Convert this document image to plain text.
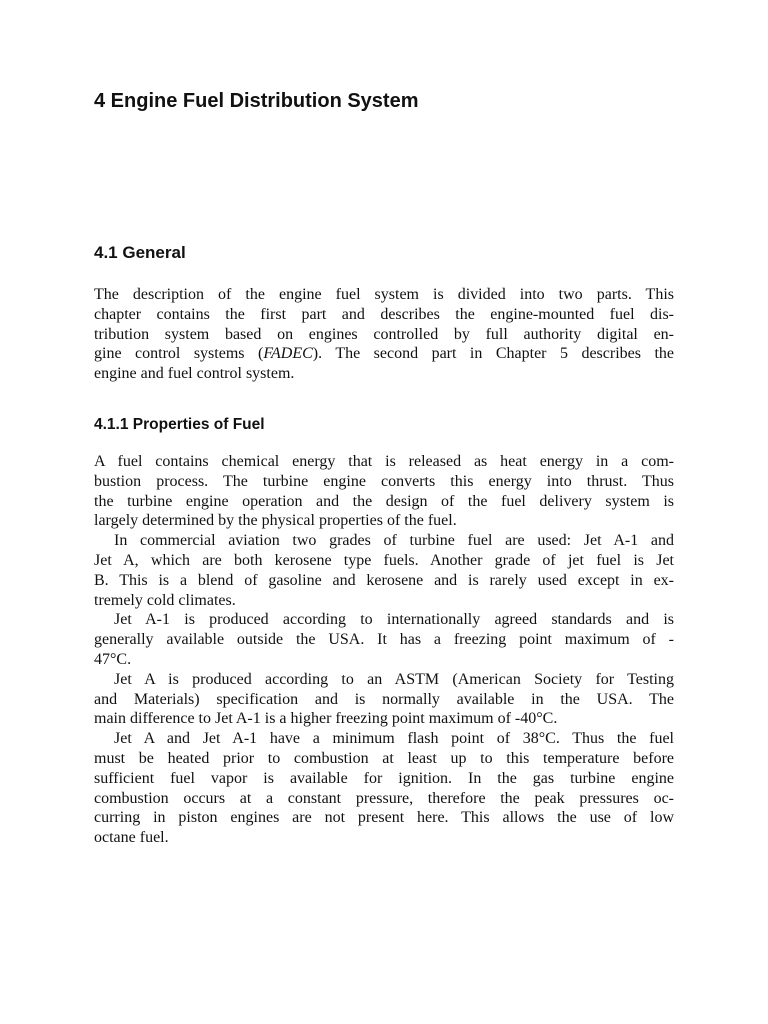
4 Engine Fuel Distribution System
4.1 General
The description of the engine fuel system is divided into two parts. This
chapter contains the first part and describes the engine-mounted fuel dis-
tribution system based on engines controlled by full authority digital en-
gine control systems (FADEC). The second part in Chapter 5 describes the
engine and fuel control system.
4.1.1 Properties of Fuel
A fuel contains chemical energy that is released as heat energy in a com-
bustion process. The turbine engine converts this energy into thrust. Thus
the turbine engine operation and the design of the fuel delivery system is
largely determined by the physical properties of the fuel.
In commercial aviation two grades of turbine fuel are used: Jet A-1 and
Jet A, which are both kerosene type fuels. Another grade of jet fuel is Jet
B. This is a blend of gasoline and kerosene and is rarely used except in ex-
tremely cold climates.
Jet A-1 is produced according to internationally agreed standards and is
generally available outside the USA. It has a freezing point maximum of -
47°C.
Jet A is produced according to an ASTM (American Society for Testing
and Materials) specification and is normally available in the USA. The
main difference to Jet A-1 is a higher freezing point maximum of -40°C.
Jet A and Jet A-1 have a minimum flash point of 38°C. Thus the fuel
must be heated prior to combustion at least up to this temperature before
sufficient fuel vapor is available for ignition. In the gas turbine engine
combustion occurs at a constant pressure, therefore the peak pressures oc-
curring in piston engines are not present here. This allows the use of low
octane fuel.
